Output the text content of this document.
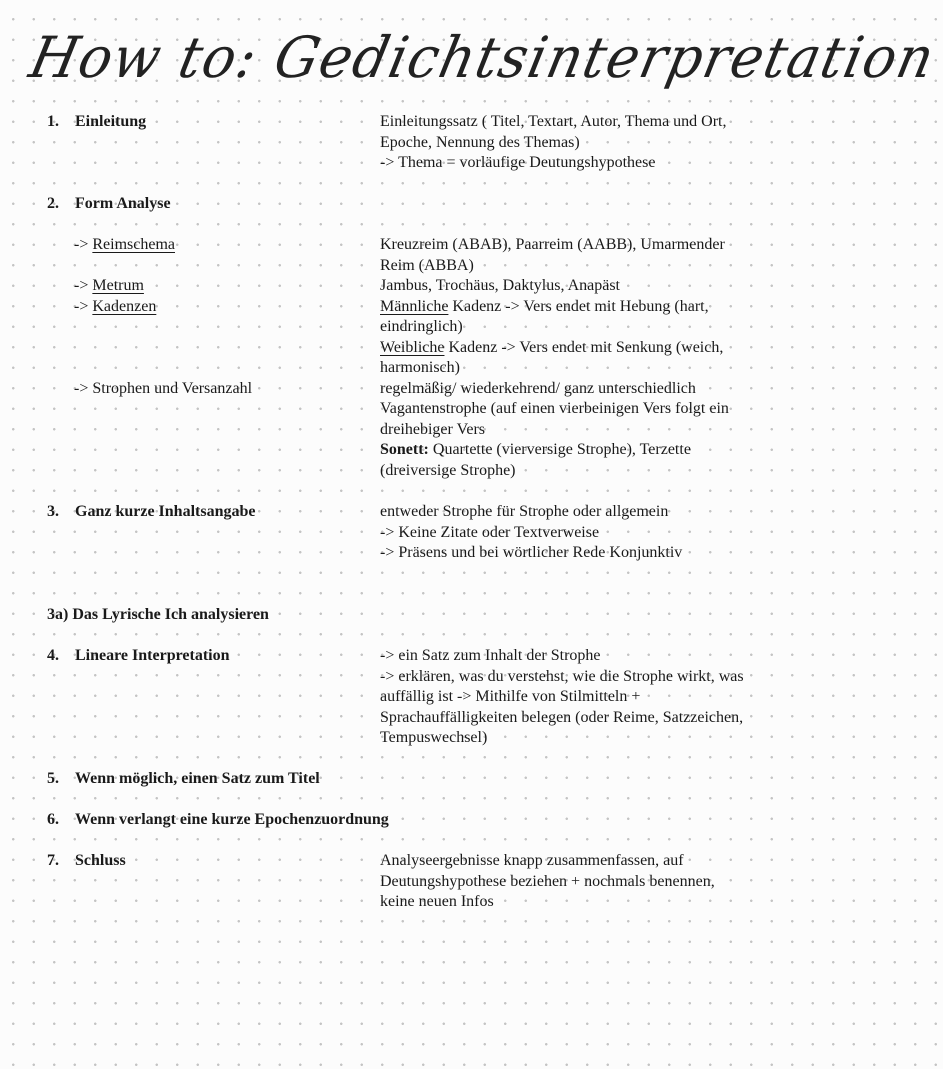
How to: Gedichtsinterpretation
1. Einleitung	Einleitungssatz ( Titel, Textart, Autor, Thema und Ort,
Epoche, Nennung des Themas)
-> Thema = vorläufige Deutungshypothese
2. Form Analyse
-> Reimschema	Kreuzreim (ABAB), Paarreim (AABB), Umarmender
Reim (ABBA)
-> Metrum	Jambus, Trochäus, Daktylus, Anapäst
-> Kadenzen	Männliche Kadenz -> Vers endet mit Hebung (hart,
eindringlich)
Weibliche Kadenz -> Vers endet mit Senkung (weich,
harmonisch)
-> Strophen und Versanzahl	regelmäßig/ wiederkehrend/ ganz unterschiedlich
Vagantenstrophe (auf einen vierbeinigen Vers folgt ein
dreihebiger Vers
Sonett: Quartette (vierversige Strophe), Terzette
(dreiversige Strophe)
3. Ganz kurze Inhaltsangabe	entweder Strophe für Strophe oder allgemein
-> Keine Zitate oder Textverweise
-> Präsens und bei wörtlicher Rede Konjunktiv
3a) Das Lyrische Ich analysieren
4. Lineare Interpretation	-> ein Satz zum Inhalt der Strophe
-> erklären, was du verstehst, wie die Strophe wirkt, was
auffällig ist -> Mithilfe von Stilmitteln +
Sprachauffälligkeiten belegen (oder Reime, Satzzeichen,
Tempuswechsel)
5. Wenn möglich, einen Satz zum Titel
6. Wenn verlangt eine kurze Epochenzuordnung
7. Schluss	Analyseergebnisse knapp zusammenfassen, auf
Deutungshypothese beziehen + nochmals benennen,
keine neuen Infos
